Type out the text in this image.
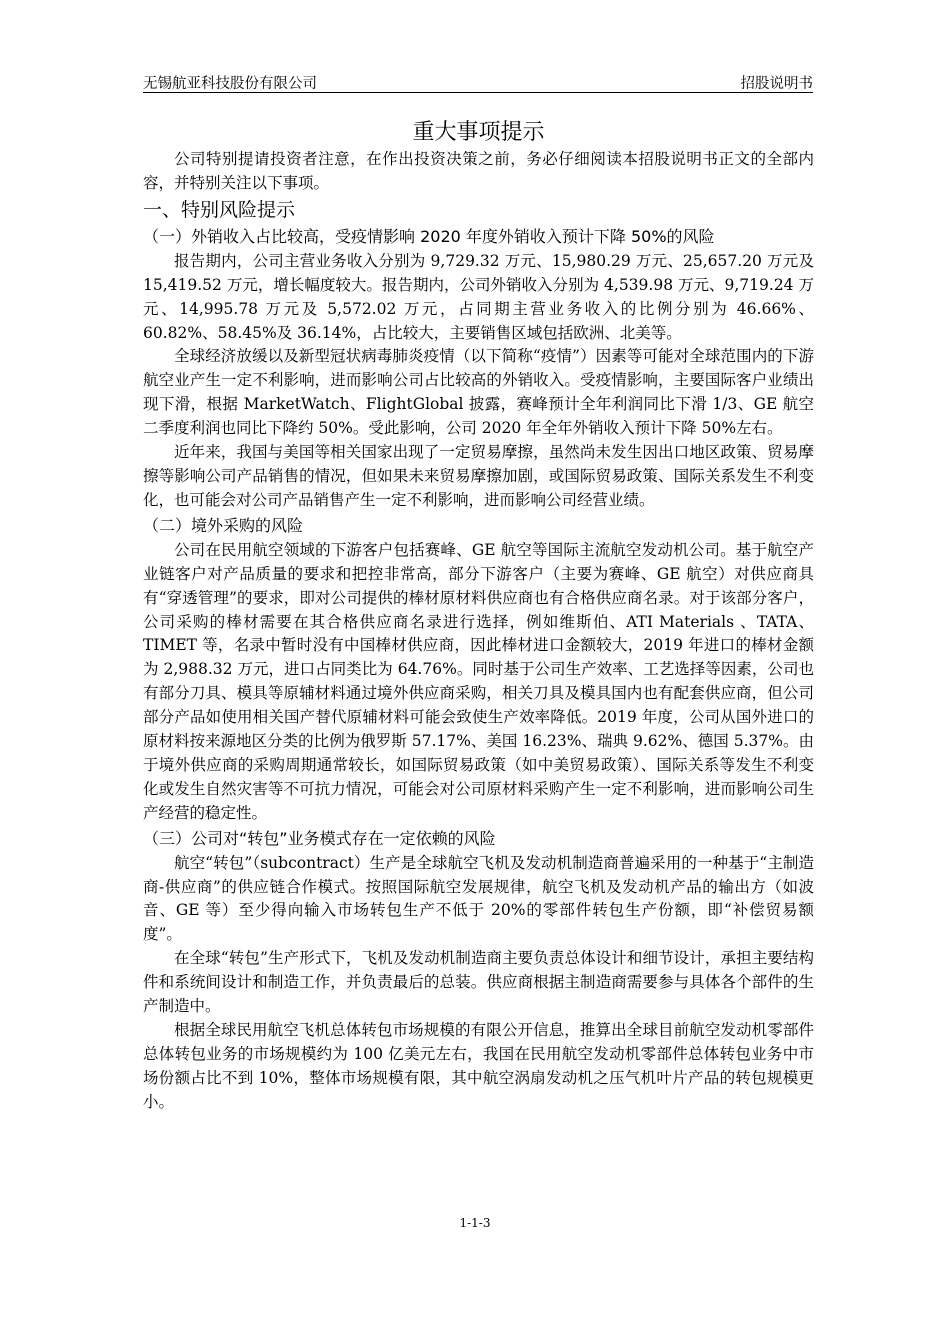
无锡航亚科技股份有限公司	招股说明书
重大事项提示

公司特别提请投资者注意，在作出投资决策之前，务必仔细阅读本招股说明书正文的全部内容，并特别关注以下事项。

一、特别风险提示
（一）外销收入占比较高，受疫情影响 2020 年度外销收入预计下降 50%的风险

报告期内，公司主营业务收入分别为 9,729.32 万元、15,980.29 万元、25,657.20 万元及 15,419.52 万元，增长幅度较大。报告期内，公司外销收入分别为 4,539.98 万元、9,719.24 万元、14,995.78 万元及 5,572.02 万元，占同期主营业务收入的比例分别为 46.66%、60.82%、58.45%及 36.14%，占比较大，主要销售区域包括欧洲、北美等。

全球经济放缓以及新型冠状病毒肺炎疫情（以下简称“疫情”）因素等可能对全球范围内的下游航空业产生一定不利影响，进而影响公司占比较高的外销收入。受疫情影响，主要国际客户业绩出现下滑，根据 MarketWatch、FlightGlobal 披露，赛峰预计全年利润同比下滑 1/3、GE 航空二季度利润也同比下降约 50%。受此影响，公司 2020 年全年外销收入预计下降 50%左右。

近年来，我国与美国等相关国家出现了一定贸易摩擦，虽然尚未发生因出口地区政策、贸易摩擦等影响公司产品销售的情况，但如果未来贸易摩擦加剧，或国际贸易政策、国际关系发生不利变化，也可能会对公司产品销售产生一定不利影响，进而影响公司经营业绩。

（二）境外采购的风险

公司在民用航空领域的下游客户包括赛峰、GE 航空等国际主流航空发动机公司。基于航空产业链客户对产品质量的要求和把控非常高，部分下游客户（主要为赛峰、GE 航空）对供应商具有“穿透管理”的要求，即对公司提供的棒材原材料供应商也有合格供应商名录。对于该部分客户，公司采购的棒材需要在其合格供应商名录进行选择，例如维斯伯、ATI Materials 、TATA、TIMET 等，名录中暂时没有中国棒材供应商，因此棒材进口金额较大，2019 年进口的棒材金额为 2,988.32 万元，进口占同类比为 64.76%。同时基于公司生产效率、工艺选择等因素，公司也有部分刀具、模具等原辅材料通过境外供应商采购，相关刀具及模具国内也有配套供应商，但公司部分产品如使用相关国产替代原辅材料可能会致使生产效率降低。2019 年度，公司从国外进口的原材料按来源地区分类的比例为俄罗斯 57.17%、美国 16.23%、瑞典 9.62%、德国 5.37%。由于境外供应商的采购周期通常较长，如国际贸易政策（如中美贸易政策）、国际关系等发生不利变化或发生自然灾害等不可抗力情况，可能会对公司原材料采购产生一定不利影响，进而影响公司生产经营的稳定性。

（三）公司对“转包”业务模式存在一定依赖的风险

航空“转包”（subcontract）生产是全球航空飞机及发动机制造商普遍采用的一种基于“主制造商-供应商”的供应链合作模式。按照国际航空发展规律，航空飞机及发动机产品的输出方（如波音、GE 等）至少得向输入市场转包生产不低于 20%的零部件转包生产份额，即“补偿贸易额度”。

在全球“转包”生产形式下，飞机及发动机制造商主要负责总体设计和细节设计，承担主要结构件和系统间设计和制造工作，并负责最后的总装。供应商根据主制造商需要参与具体各个部件的生产制造中。

根据全球民用航空飞机总体转包市场规模的有限公开信息，推算出全球目前航空发动机零部件总体转包业务的市场规模约为 100 亿美元左右，我国在民用航空发动机零部件总体转包业务中市场份额占比不到 10%，整体市场规模有限，其中航空涡扇发动机之压气机叶片产品的转包规模更小。

1-1-3
